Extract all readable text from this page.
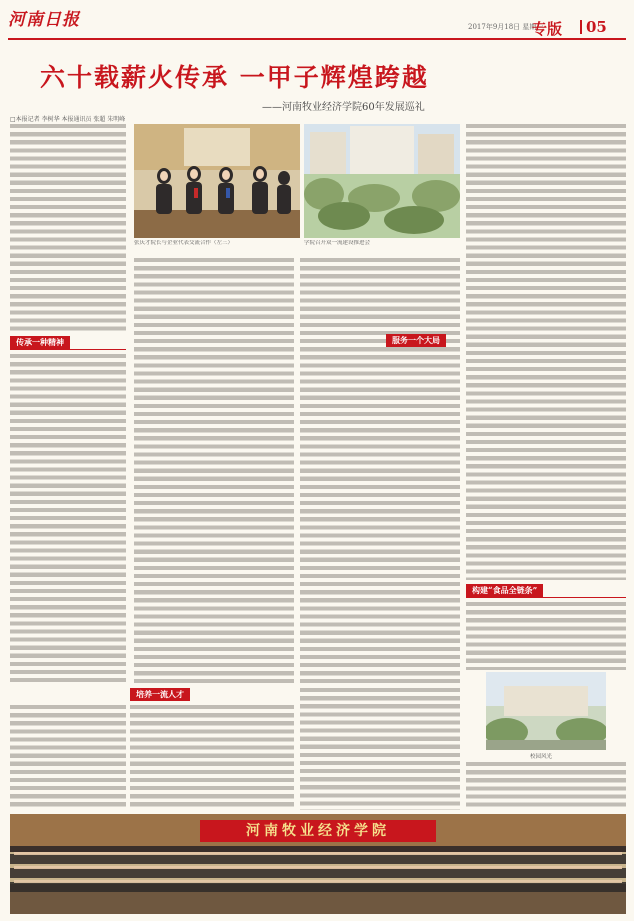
河南日报	2017年9月18日 星期一
专版 05
六十载薪火传承 一甲子辉煌跨越
——河南牧业经济学院60年发展巡礼
□本报记者 李树华 本报通讯员 张超 朱明峰
传承一种精神
培养一流人才
张庆才院长与企业代表交流合作（左三）	学院召开双一流建设推进会
服务一个大局
构建“食品全链条”
校园风光
河南牧业经济学院
